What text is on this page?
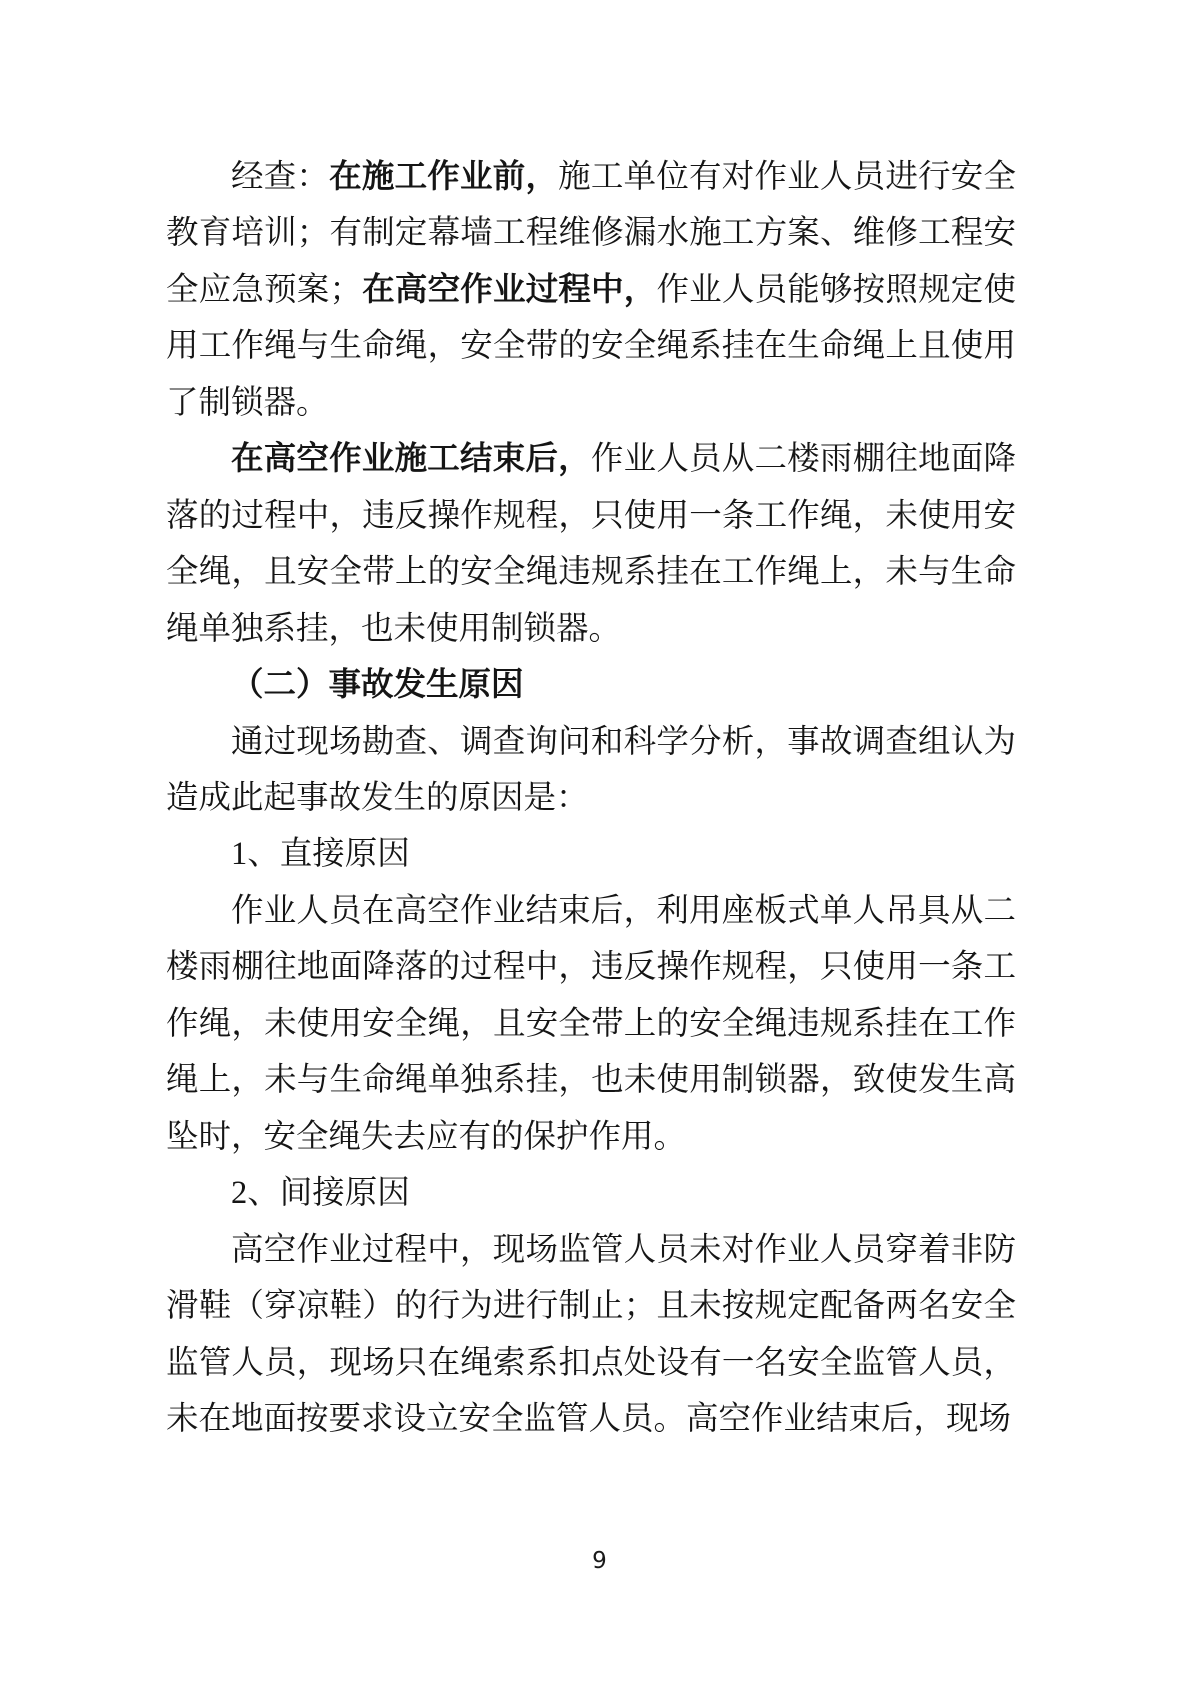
经查：在施工作业前，施工单位有对作业人员进行安全教育培训；有制定幕墙工程维修漏水施工方案、维修工程安全应急预案；在高空作业过程中，作业人员能够按照规定使用工作绳与生命绳，安全带的安全绳系挂在生命绳上且使用了制锁器。

在高空作业施工结束后，作业人员从二楼雨棚往地面降落的过程中，违反操作规程，只使用一条工作绳，未使用安全绳，且安全带上的安全绳违规系挂在工作绳上，未与生命绳单独系挂，也未使用制锁器。

（二）事故发生原因

通过现场勘查、调查询问和科学分析，事故调查组认为造成此起事故发生的原因是：

1、直接原因

作业人员在高空作业结束后，利用座板式单人吊具从二楼雨棚往地面降落的过程中，违反操作规程，只使用一条工作绳，未使用安全绳，且安全带上的安全绳违规系挂在工作绳上，未与生命绳单独系挂，也未使用制锁器，致使发生高坠时，安全绳失去应有的保护作用。

2、间接原因

高空作业过程中，现场监管人员未对作业人员穿着非防滑鞋（穿凉鞋）的行为进行制止；且未按规定配备两名安全监管人员，现场只在绳索系扣点处设有一名安全监管人员，未在地面按要求设立安全监管人员。高空作业结束后，现场

9
